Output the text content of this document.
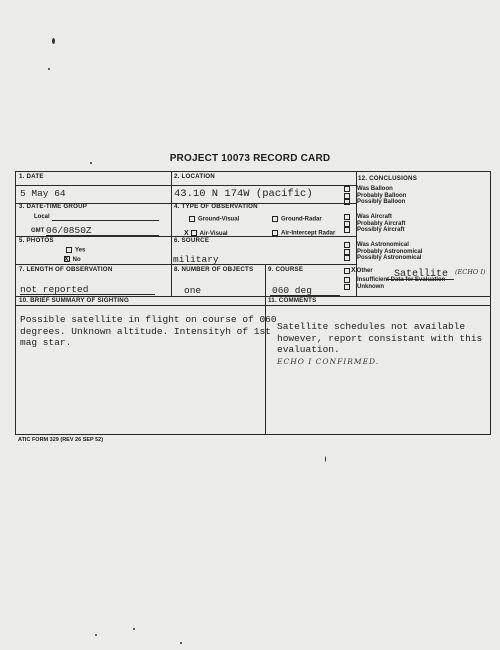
PROJECT 10073 RECORD CARD
1. DATE
5 May 64
2. LOCATION
43.10 N 174W (pacific)
3. DATE-TIME GROUP
Local
GMT 06/0850Z
4. TYPE OF OBSERVATION
Ground-Visual	Ground-Radar
X Air-Visual	Air-Intercept Radar
5. PHOTOS
Yes
X No
6. SOURCE
military
7. LENGTH OF OBSERVATION
not reported
8. NUMBER OF OBJECTS
one
9. COURSE
060 deg
10. BRIEF SUMMARY OF SIGHTING
Possible satellite in flight on course of 060
degrees. Unknown altitude. Intensityh of 1st
mag star.
11. COMMENTS
Satellite schedules not available
however, report consistant with this
evaluation.
ECHO I CONFIRMED.
12. CONCLUSIONS
Was Balloon
Probably Balloon
Possibly Balloon
Was Aircraft
Probably Aircraft
Possibly Aircraft
Was Astronomical
Probably Astronomical
Possibly Astronomical
X Other Satellite (ECHO I)
Insufficient Data for Evaluation
Unknown
ATIC FORM 329 (REV 26 SEP 52)
